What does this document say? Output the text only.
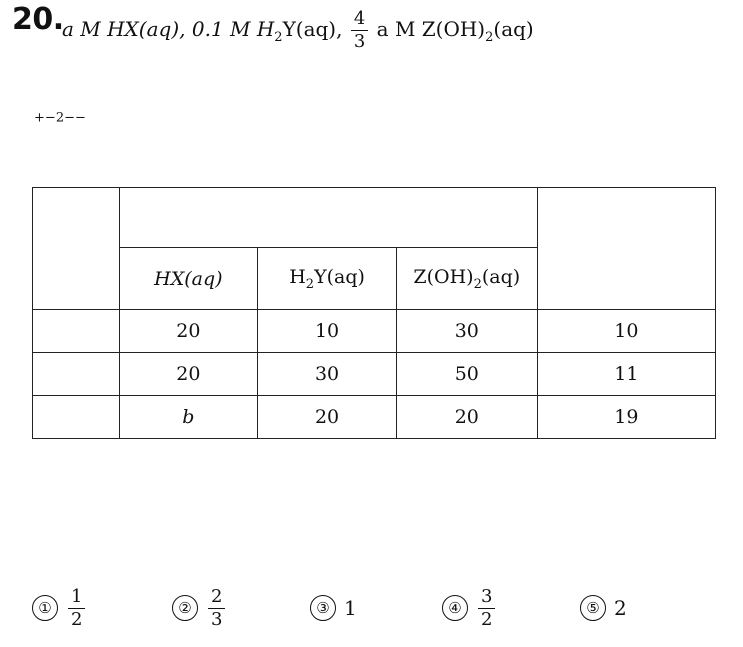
20.
a M HX(aq), 0.1 M $H_2Y(aq)$, $\frac{4}{3}$ a M $Z(OH)_2(aq)$
$^{+-2--}$

	HX(aq)	$H_2Y(aq)$	$Z(OH)_2(aq)$	
	20	10	30	10
	20	30	50	11
	b	20	20	19
① $\frac{1}{2}$	② $\frac{2}{3}$	③ 1	④ $\frac{3}{2}$	⑤ 2
